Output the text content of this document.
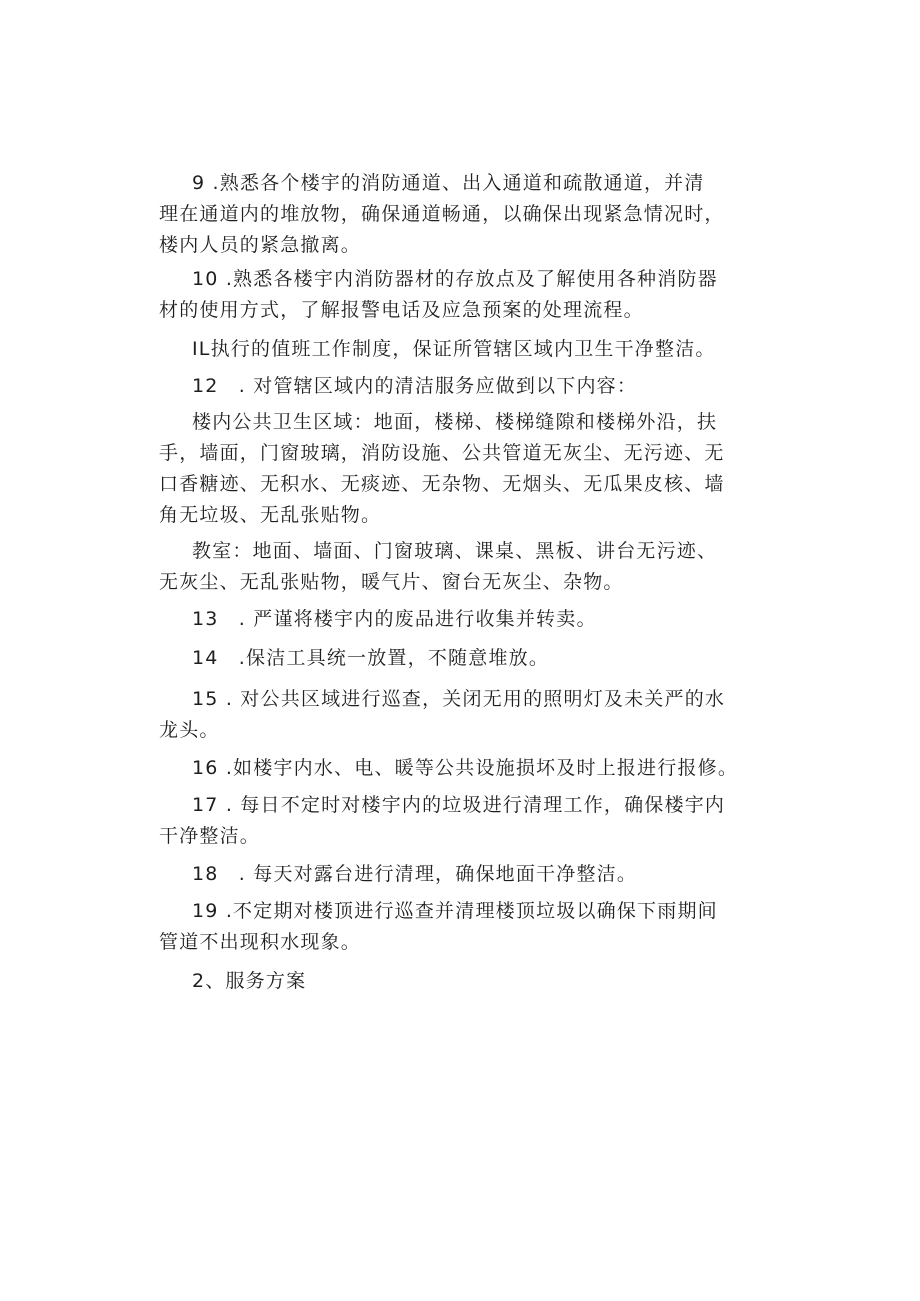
9 .熟悉各个楼宇的消防通道、出入通道和疏散通道，并清
理在通道内的堆放物，确保通道畅通，以确保出现紧急情况时，
楼内人员的紧急撤离。
10 .熟悉各楼宇内消防器材的存放点及了解使用各种消防器
材的使用方式，了解报警电话及应急预案的处理流程。
IL执行的值班工作制度，保证所管辖区域内卫生干净整洁。
12　. 对管辖区域内的清洁服务应做到以下内容：
楼内公共卫生区域：地面，楼梯、楼梯缝隙和楼梯外沿，扶
手，墙面，门窗玻璃，消防设施、公共管道无灰尘、无污迹、无
口香糖迹、无积水、无痰迹、无杂物、无烟头、无瓜果皮核、墙
角无垃圾、无乱张贴物。
教室：地面、墙面、门窗玻璃、课桌、黑板、讲台无污迹、
无灰尘、无乱张贴物，暖气片、窗台无灰尘、杂物。
13　. 严谨将楼宇内的废品进行收集并转卖。
14　.保洁工具统一放置，不随意堆放。
15 . 对公共区域进行巡查，关闭无用的照明灯及未关严的水
龙头。
16 .如楼宇内水、电、暖等公共设施损坏及时上报进行报修。
17 . 每日不定时对楼宇内的垃圾进行清理工作，确保楼宇内
干净整洁。
18　. 每天对露台进行清理，确保地面干净整洁。
19 .不定期对楼顶进行巡查并清理楼顶垃圾以确保下雨期间
管道不出现积水现象。
2、服务方案
